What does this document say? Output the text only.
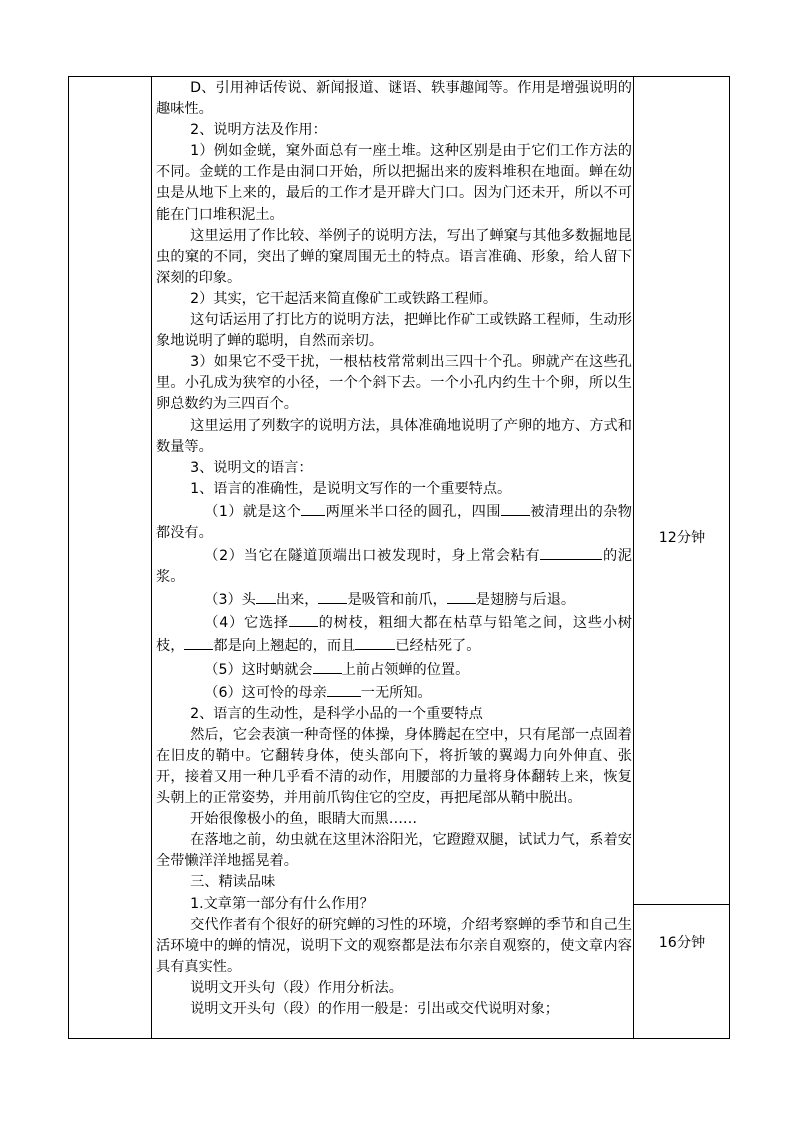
D、引用神话传说、新闻报道、谜语、轶事趣闻等。作用是增强说明的趣味性。

2、说明方法及作用：

1）例如金蜣，窠外面总有一座土堆。这种区别是由于它们工作方法的不同。金蜣的工作是由洞口开始，所以把掘出来的废料堆积在地面。蝉在幼虫是从地下上来的，最后的工作才是开辟大门口。因为门还未开，所以不可能在门口堆积泥土。

这里运用了作比较、举例子的说明方法，写出了蝉窠与其他多数掘地昆虫的窠的不同，突出了蝉的窠周围无土的特点。语言准确、形象，给人留下深刻的印象。

2）其实，它干起活来简直像矿工或铁路工程师。

这句话运用了打比方的说明方法，把蝉比作矿工或铁路工程师，生动形象地说明了蝉的聪明，自然而亲切。

3）如果它不受干扰，一根枯枝常常刺出三四十个孔。卵就产在这些孔里。小孔成为狭窄的小径，一个个斜下去。一个小孔内约生十个卵，所以生卵总数约为三四百个。

这里运用了列数字的说明方法，具体准确地说明了产卵的地方、方式和数量等。

3、说明文的语言：

1、语言的准确性，是说明文写作的一个重要特点。

（1）就是这个 两厘米半口径的圆孔，四围 被清理出的杂物都没有。

（2）当它在隧道顶端出口被发现时，身上常会粘有	的泥浆。

（3）头 出来， 是吸管和前爪， 是翅膀与后退。

（4）它选择 的树枝，粗细大都在枯草与铅笔之间，这些小树枝， 都是向上翘起的，而且	已经枯死了。

（5）这时蚋就会 上前占领蝉的位置。

（6）这可怜的母亲 一无所知。

2、语言的生动性，是科学小品的一个重要特点

然后，它会表演一种奇怪的体操，身体腾起在空中，只有尾部一点固着在旧皮的鞘中。它翻转身体，使头部向下，将折皱的翼竭力向外伸直、张开，接着又用一种几乎看不清的动作，用腰部的力量将身体翻转上来，恢复头朝上的正常姿势，并用前爪钩住它的空皮，再把尾部从鞘中脱出。

开始很像极小的鱼，眼睛大而黑……

在落地之前，幼虫就在这里沐浴阳光，它蹬蹬双腿，试试力气，系着安全带懒洋洋地摇晃着。

三、精读品味

1.文章第一部分有什么作用？

交代作者有个很好的研究蝉的习性的环境，介绍考察蝉的季节和自己生活环境中的蝉的情况，说明下文的观察都是法布尔亲自观察的，使文章内容具有真实性。

说明文开头句（段）作用分析法。

说明文开头句（段）的作用一般是：引出或交代说明对象；

12分钟
16分钟
